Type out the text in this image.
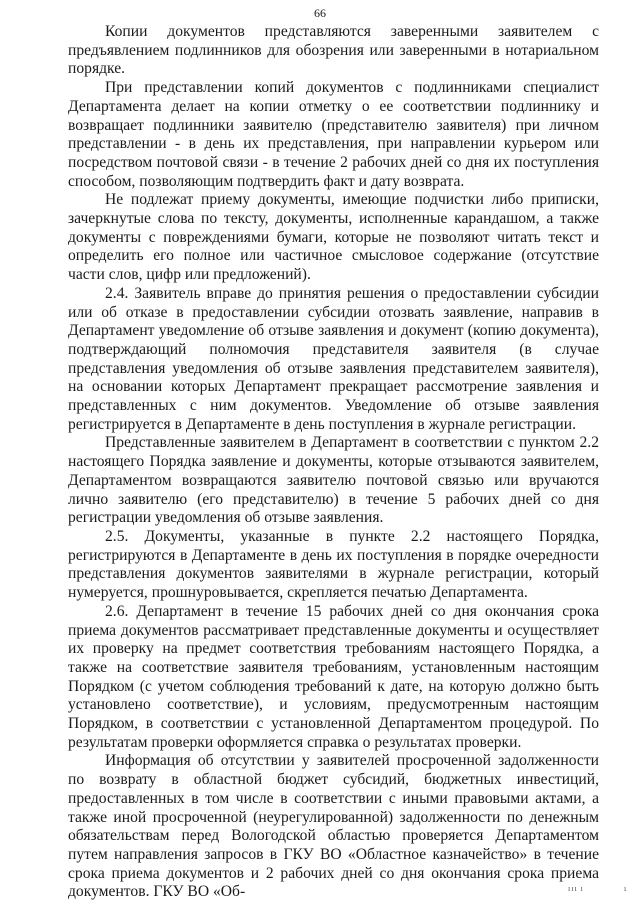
66

Копии документов представляются заверенными заявителем с предъявлением подлинников для обозрения или заверенными в нотариальном порядке.

При представлении копий документов с подлинниками специалист Департамента делает на копии отметку о ее соответствии подлиннику и возвращает подлинники заявителю (представителю заявителя) при личном представлении - в день их представления, при направлении курьером или посредством почтовой связи - в течение 2 рабочих дней со дня их поступления способом, позволяющим подтвердить факт и дату возврата.

Не подлежат приему документы, имеющие подчистки либо приписки, зачеркнутые слова по тексту, документы, исполненные карандашом, а также документы с повреждениями бумаги, которые не позволяют читать текст и определить его полное или частичное смысловое содержание (отсутствие части слов, цифр или предложений).

2.4. Заявитель вправе до принятия решения о предоставлении субсидии или об отказе в предоставлении субсидии отозвать заявление, направив в Департамент уведомление об отзыве заявления и документ (копию документа), подтверждающий полномочия представителя заявителя (в случае представления уведомления об отзыве заявления представителем заявителя), на основании которых Департамент прекращает рассмотрение заявления и представленных с ним документов. Уведомление об отзыве заявления регистрируется в Департаменте в день поступления в журнале регистрации.

Представленные заявителем в Департамент в соответствии с пунктом 2.2 настоящего Порядка заявление и документы, которые отзываются заявителем, Департаментом возвращаются заявителю почтовой связью или вручаются лично заявителю (его представителю) в течение 5 рабочих дней со дня регистрации уведомления об отзыве заявления.

2.5. Документы, указанные в пункте 2.2 настоящего Порядка, регистрируются в Департаменте в день их поступления в порядке очередности представления документов заявителями в журнале регистрации, который нумеруется, прошнуровывается, скрепляется печатью Департамента.

2.6. Департамент в течение 15 рабочих дней со дня окончания срока приема документов рассматривает представленные документы и осуществляет их проверку на предмет соответствия требованиям настоящего Порядка, а также на соответствие заявителя требованиям, установленным настоящим Порядком (с учетом соблюдения требований к дате, на которую должно быть установлено соответствие), и условиям, предусмотренным настоящим Порядком, в соответствии с установленной Департаментом процедурой. По результатам проверки оформляется справка о результатах проверки.

Информация об отсутствии у заявителей просроченной задолженности по возврату в областной бюджет субсидий, бюджетных инвестиций, предоставленных в том числе в соответствии с иными правовыми актами, а также иной просроченной (неурегулированной) задолженности по денежным обязательствам перед Вологодской областью проверяется Департаментом путем направления запросов в ГКУ ВО «Областное казначейство» в течение срока приема документов и 2 рабочих дней со дня окончания срока приема документов. ГКУ ВО «Об-	ııı ı	ı
